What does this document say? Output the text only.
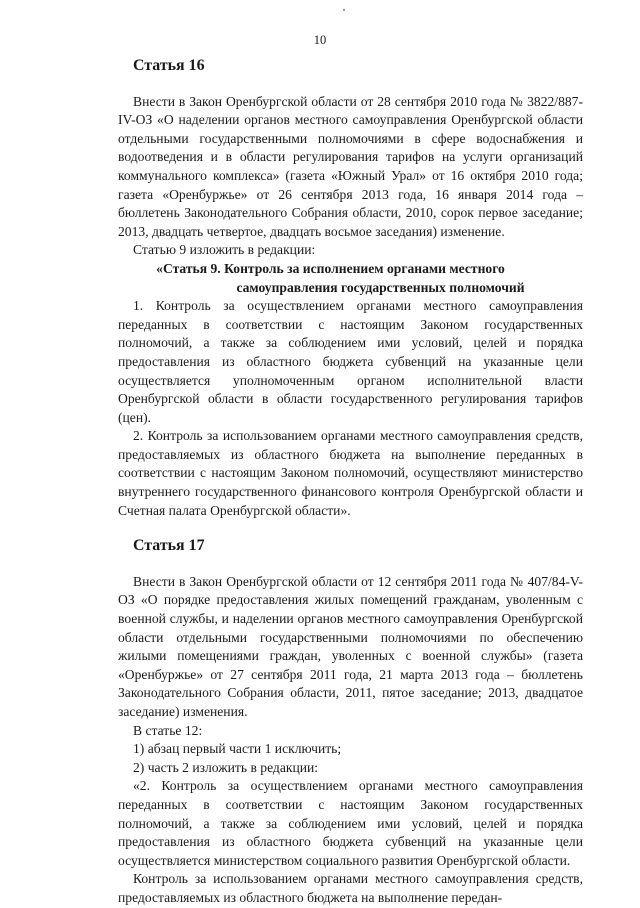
10
Статья 16

Внести в Закон Оренбургской области от 28 сентября 2010 года № 3822/887-IV-ОЗ «О наделении органов местного самоуправления Оренбургской области отдельными государственными полномочиями в сфере водоснабжения и водоотведения и в области регулирования тарифов на услуги организаций коммунального комплекса» (газета «Южный Урал» от 16 октября 2010 года; газета «Оренбуржье» от 26 сентября 2013 года, 16 января 2014 года – бюллетень Законодательного Собрания области, 2010, сорок первое заседание; 2013, двадцать четвертое, двадцать восьмое заседания) изменение.

Статью 9 изложить в редакции:

«Статья 9. Контроль за исполнением органами местного

самоуправления государственных полномочий

1. Контроль за осуществлением органами местного самоуправления переданных в соответствии с настоящим Законом государственных полномочий, а также за соблюдением ими условий, целей и порядка предоставления из областного бюджета субвенций на указанные цели осуществляется уполномоченным органом исполнительной власти Оренбургской области в области государственного регулирования тарифов (цен).

2. Контроль за использованием органами местного самоуправления средств, предоставляемых из областного бюджета на выполнение переданных в соответствии с настоящим Законом полномочий, осуществляют министерство внутреннего государственного финансового контроля Оренбургской области и Счетная палата Оренбургской области».

Статья 17

Внести в Закон Оренбургской области от 12 сентября 2011 года № 407/84-V-ОЗ «О порядке предоставления жилых помещений гражданам, уволенным с военной службы, и наделении органов местного самоуправления Оренбургской области отдельными государственными полномочиями по обеспечению жилыми помещениями граждан, уволенных с военной службы» (газета «Оренбуржье» от 27 сентября 2011 года, 21 марта 2013 года – бюллетень Законодательного Собрания области, 2011, пятое заседание; 2013, двадцатое заседание) изменения.

В статье 12:

1) абзац первый части 1 исключить;

2) часть 2 изложить в редакции:

«2. Контроль за осуществлением органами местного самоуправления переданных в соответствии с настоящим Законом государственных полномочий, а также за соблюдением ими условий, целей и порядка предоставления из областного бюджета субвенций на указанные цели осуществляется министерством социального развития Оренбургской области.

Контроль за использованием органами местного самоуправления средств, предоставляемых из областного бюджета на выполнение передан-
